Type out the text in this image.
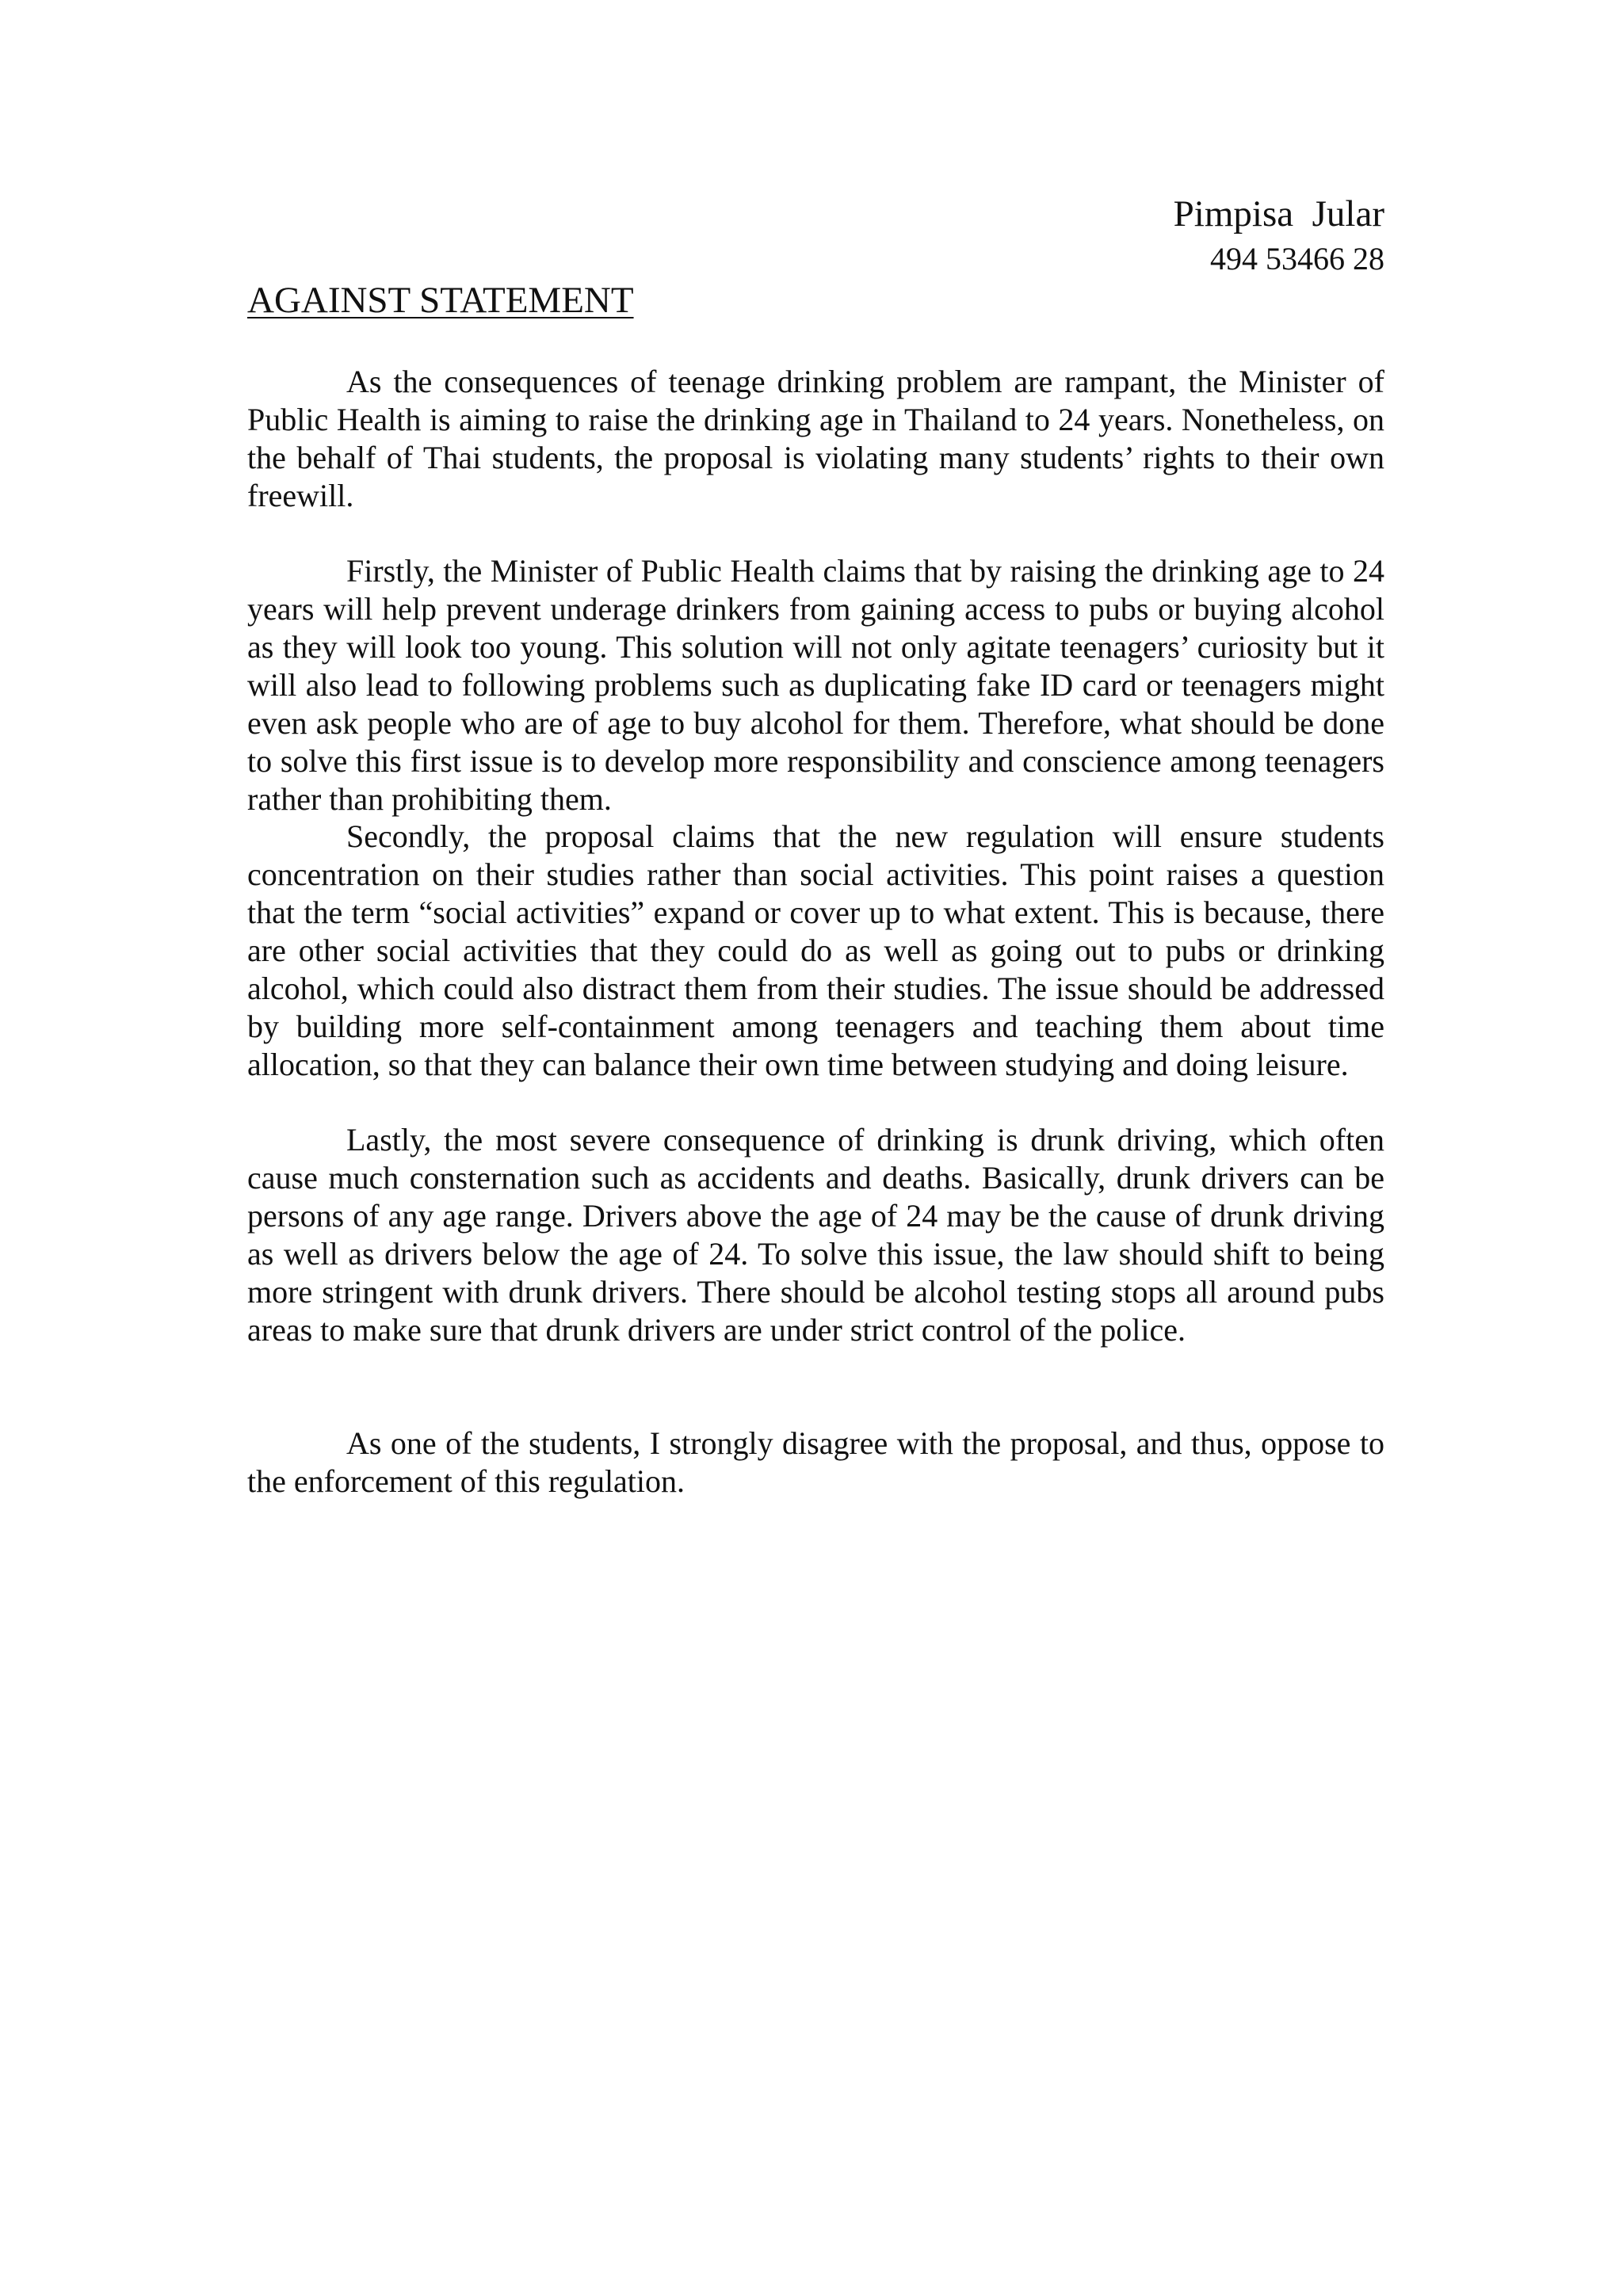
Pimpisa  Jular
494 53466 28
AGAINST STATEMENT

As the consequences of teenage drinking problem are rampant, the Minister of Public Health is aiming to raise the drinking age in Thailand to 24 years. Nonetheless, on the behalf of Thai students, the proposal is violating many students’ rights to their own freewill.

Firstly, the Minister of Public Health claims that by raising the drinking age to 24 years will help prevent underage drinkers from gaining access to pubs or buying alcohol as they will look too young. This solution will not only agitate teenagers’ curiosity but it will also lead to following problems such as duplicating fake ID card or teenagers might even ask people who are of age to buy alcohol for them. Therefore, what should be done to solve this first issue is to develop more responsibility and conscience among teenagers rather than prohibiting them.

Secondly, the proposal claims that the new regulation will ensure students concentration on their studies rather than social activities. This point raises a question that the term “social activities” expand or cover up to what extent. This is because, there are other social activities that they could do as well as going out to pubs or drinking alcohol, which could also distract them from their studies. The issue should be addressed by building more self-containment among teenagers and teaching them about time allocation, so that they can balance their own time between studying and doing leisure.

Lastly, the most severe consequence of drinking is drunk driving, which often cause much consternation such as accidents and deaths. Basically, drunk drivers can be persons of any age range. Drivers above the age of 24 may be the cause of drunk driving as well as drivers below the age of 24. To solve this issue, the law should shift to being more stringent with drunk drivers. There should be alcohol testing stops all around pubs areas to make sure that drunk drivers are under strict control of the police.

As one of the students, I strongly disagree with the proposal, and thus, oppose to the enforcement of this regulation.
